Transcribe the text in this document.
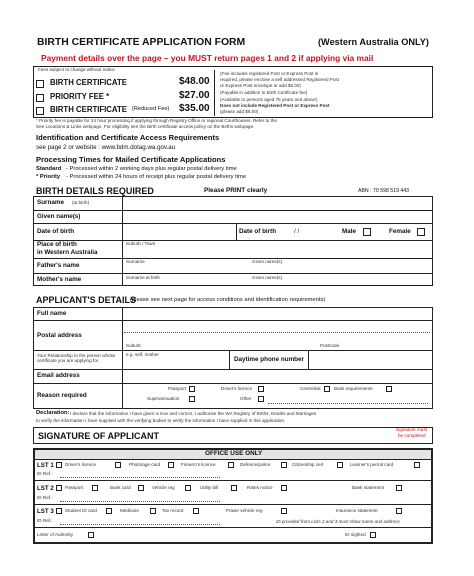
BIRTH CERTIFICATE APPLICATION FORM	(Western Australia ONLY)
Payment details over the page – you MUST return pages 1 and 2 if applying via mail
Fees subject to change without notice
BIRTH CERTIFICATE	$48.00
PRIORITY FEE *	$27.00
BIRTH CERTIFICATE (Reduced Fee) $35.00
(Fee includes registered Post or Express Post is
required, please enclose a self addressed Registered Post
or Express Post envelope or add $5.00)
(Payable in addition to Birth Certificate fee)
(Available to persons aged 75 years and above)
Does not include Registered Post or Express Post
(please add $5.00)
* Priority fee is payable for 24 hour processing if applying through Registry Office or regional Courthouses. Refer to the
See Locations & Links webpage. For eligibility see the Birth certificate access policy on the Births webpage.
Identification and Certificate Access Requirements
see page 2 or website : www.bdm.dotag.wa.gov.au
Processing Times for Mailed Certificate Applications
Standard - Processed within 2 working days plus regular postal delivery time
* Priority - Processed within 24 hours of receipt plus regular postal delivery time
BIRTH DETAILS REQUIRED	Please PRINT clearly	ABN : 70 598 519 443
Surname (at birth)
Given name(s)
Date of birth	Date of birth	/ /	Male	Female
Place of birth
in Western Australia
Suburb / Town
Father's name
Surname	Given name(s)
Mother's name	Surname at birth	Given name(s)
APPLICANT'S DETAILS
(please see next page for access conditions and identification requirements)
Full name
Postal address
Suburb	Postcode
Your Relationship to the person whose certificate you are applying for
e.g. self, mother
Daytime phone number
Email address
Reason required
Passport	Driver's licence	Centrelink	Bank requirements
Superannuation	Other
Declaration: I declare that the information I have given is true and correct. I authorise the WA Registry of Births, Deaths and Marriages
to verify the information I have supplied with the verifying bodies to verify the information I have supplied in this application.
SIGNATURE OF APPLICANT
Signature must
be completed
OFFICE USE ONLY
LST 1 Driver's licence	Photo/age card	Firearm's licence	Defence/police	Citizenship cert	Learner's permit card
ID Ref.:
LST 2 Passport	Bank card	Vehicle reg	Utility bill	Rates notice	Bank statement
ID Ref.:
LST 3 Student ID card	Medicare	Tax record	Power vehicle reg	Insurance statement
ID Ref.:	ID provided from Lists 2 and 3 must show name and address
Letter of Authority	ID sighted
